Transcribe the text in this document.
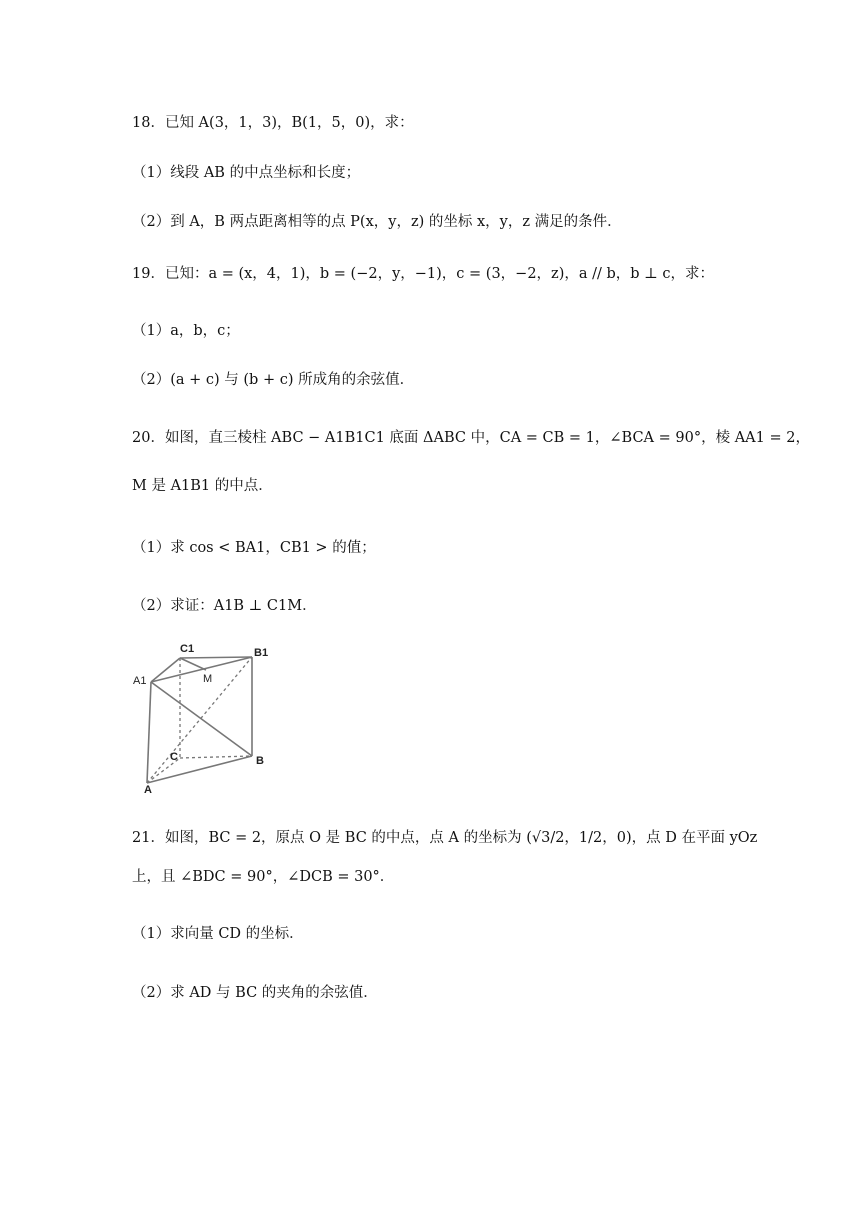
18．已知 A(3，1，3)，B(1，5，0)，求：
（1）线段 AB 的中点坐标和长度；
（2）到 A，B 两点距离相等的点 P(x，y，z) 的坐标 x，y，z 满足的条件．
19．已知：a = (x，4，1)，b = (−2，y，−1)，c = (3，−2，z)，a // b，b ⊥ c，求：
（1）a，b，c；
（2）(a + c) 与 (b + c) 所成角的余弦值．
20．如图，直三棱柱 ABC − A1B1C1 底面 ΔABC 中，CA = CB = 1，∠BCA = 90°，棱 AA1 = 2，
M 是 A1B1 的中点．
（1）求 cos < BA1，CB1 > 的值；
（2）求证：A1B ⊥ C1M．
C1	B1
A1	M
C	B
A
21．如图，BC = 2，原点 O 是 BC 的中点，点 A 的坐标为 (√3/2，1/2，0)，点 D 在平面 yOz
上，且 ∠BDC = 90°，∠DCB = 30°．
（1）求向量 CD 的坐标．
（2）求 AD 与 BC 的夹角的余弦值．
